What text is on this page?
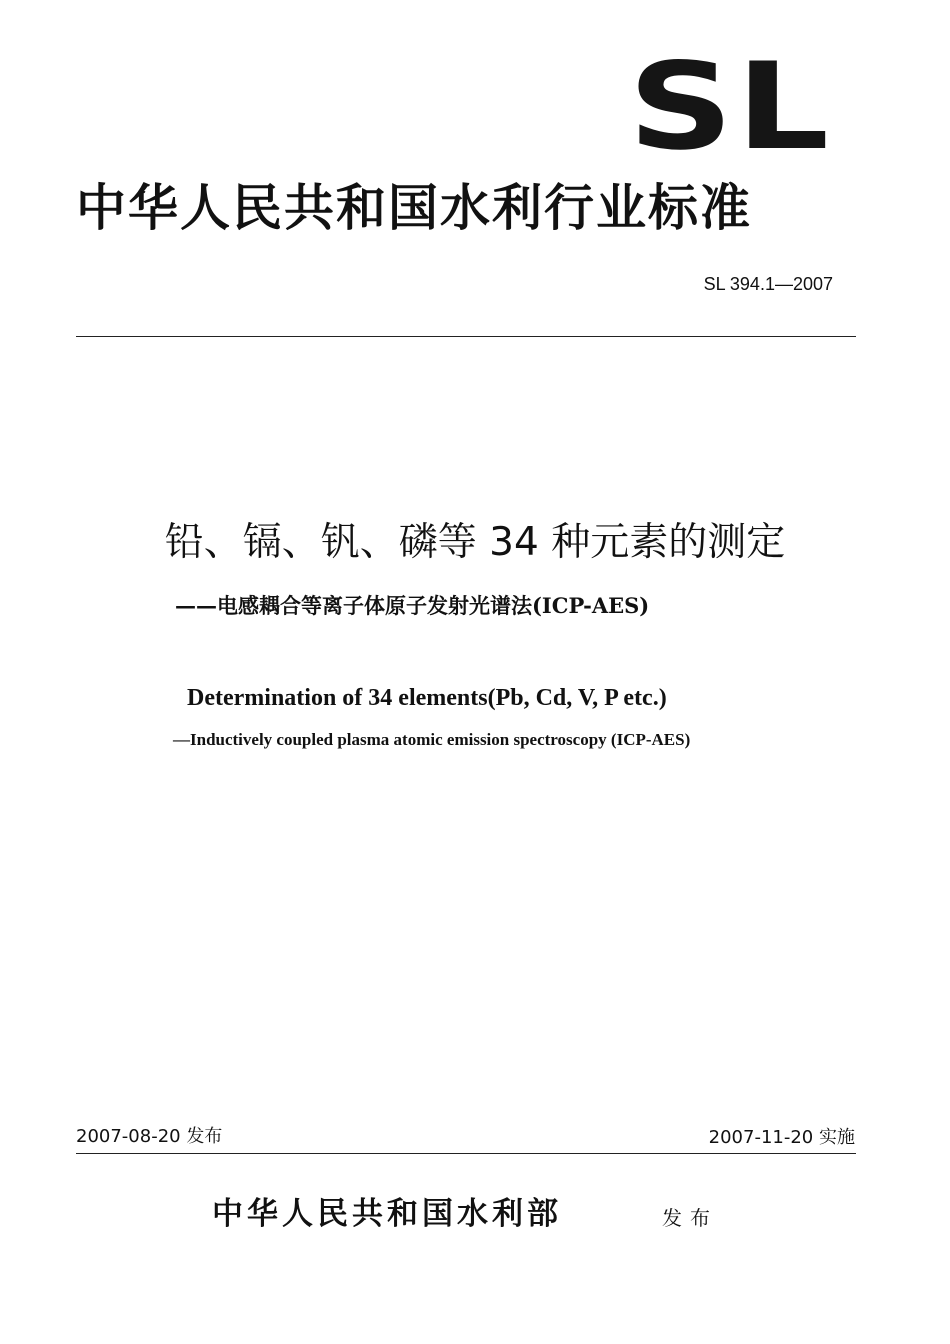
SL
中华人民共和国水利行业标准
SL 394.1—2007
铅、镉、钒、磷等 34 种元素的测定
——电感耦合等离子体原子发射光谱法(ICP-AES)
Determination of 34 elements(Pb, Cd, V, P etc.)
—Inductively coupled plasma atomic emission spectroscopy (ICP-AES)
2007-08-20 发布	2007-11-20 实施
中华人民共和国水利部	发布
